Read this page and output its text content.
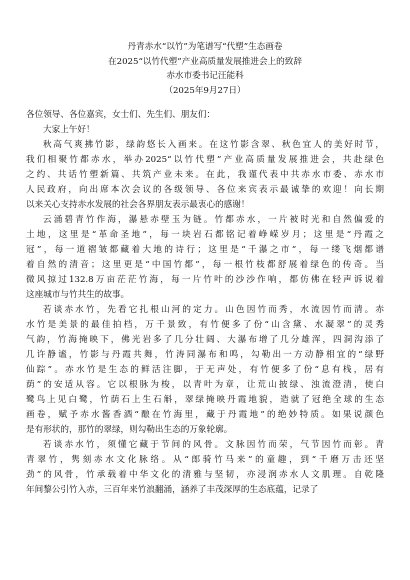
丹青赤水“以竹”为笔谱写“代塑”生态画卷
在2025“以竹代塑”产业高质量发展推进会上的致辞
赤水市委书记汪能科
（2025年9月27日）
各位领导、各位嘉宾，女士们、先生们、朋友们：
大家上午好！
秋高气爽拂竹影，绿韵悠长入画来。在这竹影含翠、秋色宜人的美好时节，
我们相聚竹都赤水，举办2025“以竹代塑”产业高质量发展推进会，共赴绿色
之约、共话竹塑新篇、共筑产业未来。在此，我谨代表中共赤水市委、赤水市
人民政府，向出席本次会议的各级领导、各位来宾表示最诚挚的欢迎！向长期
以来关心支持赤水发展的社会各界朋友表示最衷心的感谢！
云涌碧青竹作海，瀑悬赤壁玉为链。竹都赤水，一片被时光和自然偏爱的
土地，这里是“革命圣地”，每一块岩石都铭记着峥嵘岁月；这里是“丹霞之
冠”，每一道褶皱都藏着大地的诗行；这里是“千瀑之市”，每一缕飞烟都谱
着自然的清音；这里更是“中国竹都”，每一根竹枝都舒展着绿色的传奇。当
微风掠过132.8万亩茫茫竹海，每一片竹叶的沙沙作响，都仿佛在轻声诉说着
这座城市与竹共生的故事。
若谈赤水竹，先看它扎根山河的定力。山色因竹而秀，水流因竹而清。赤
水竹是美景的最佳拍档，万千景致，有竹便多了份“山含黛、水凝翠”的灵秀
气韵，竹海掩映下，佛光岩多了几分壮阔、大瀑布增了几分雄浑，四洞沟添了
几许静谧，竹影与丹霞共舞，竹涛同瀑布和鸣，勾勒出一方动静相宜的“绿野
仙踪”。赤水竹是生态的鲜活注脚，于无声处，有竹便多了份“息有栈，居有
荫”的安适从容。它以根脉为梭，以青叶为章，让荒山披绿、浊流澄清，使白
鹭鸟上见白鹭，竹荫石上生石斛，翠绿掩映丹霞地貌，造就了冠绝全球的生态
画卷，赋予赤水酱香酒“酿在竹海里，藏于丹霞地”的绝妙特质。如果说颜色
是有形状的，那竹的翠绿，则勾勒出生态的万象轮廓。
若谈赤水竹，须懂它藏于节间的风骨。文脉因竹而荣，气节因竹而彰。青
青翠竹，隽刻赤水文化脉络。从“郎骑竹马来”的童趣，到“千磨万击还坚
劲”的风骨，竹承载着中华文化的清雅与坚韧，亦浸润赤水人文肌理。自乾隆
年间黎公引竹入赤，三百年来竹浪翻涌，涵养了丰茂深厚的生态底蕴，记录了
